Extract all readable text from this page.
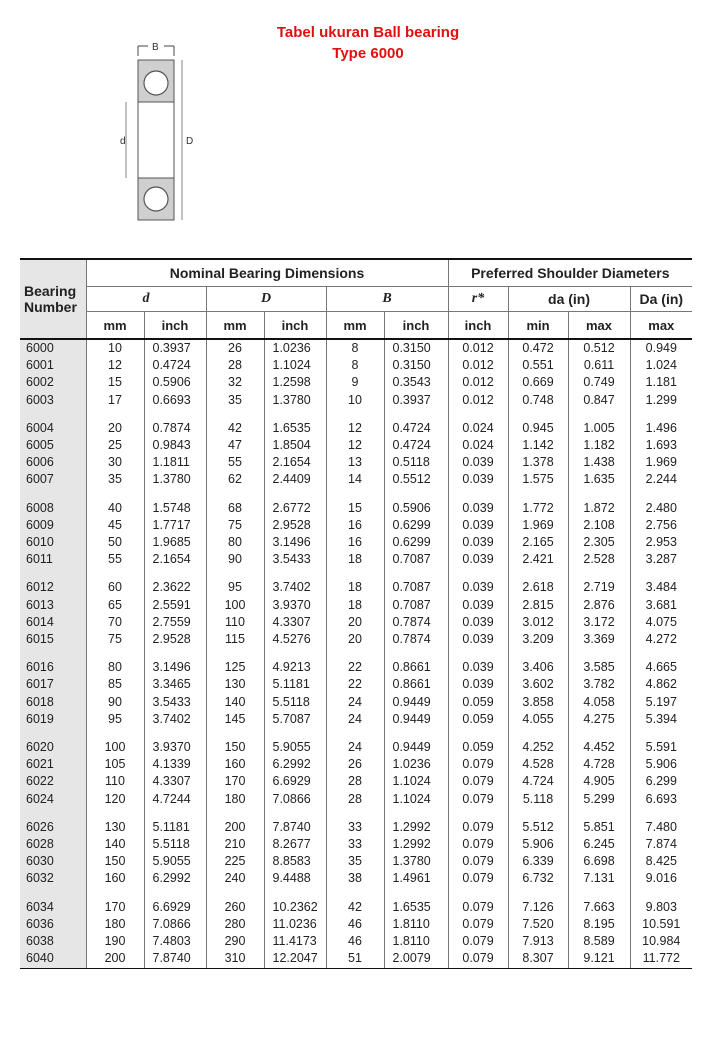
Tabel ukuran Ball bearing
Type 6000
B
d	D
Bearing Number	Nominal Bearing Dimensions						Preferred Shoulder Diameters			
	d		D		B		r*	da (in)		Da (in)
	mm	inch	mm	inch	mm	inch	inch	min	max	max
6000	10	0.3937	26	1.0236	8	0.3150	0.012	0.472	0.512	0.949
6001	12	0.4724	28	1.1024	8	0.3150	0.012	0.551	0.611	1.024
6002	15	0.5906	32	1.2598	9	0.3543	0.012	0.669	0.749	1.181
6003	17	0.6693	35	1.3780	10	0.3937	0.012	0.748	0.847	1.299

6004	20	0.7874	42	1.6535	12	0.4724	0.024	0.945	1.005	1.496
6005	25	0.9843	47	1.8504	12	0.4724	0.024	1.142	1.182	1.693
6006	30	1.1811	55	2.1654	13	0.5118	0.039	1.378	1.438	1.969
6007	35	1.3780	62	2.4409	14	0.5512	0.039	1.575	1.635	2.244

6008	40	1.5748	68	2.6772	15	0.5906	0.039	1.772	1.872	2.480
6009	45	1.7717	75	2.9528	16	0.6299	0.039	1.969	2.108	2.756
6010	50	1.9685	80	3.1496	16	0.6299	0.039	2.165	2.305	2.953
6011	55	2.1654	90	3.5433	18	0.7087	0.039	2.421	2.528	3.287

6012	60	2.3622	95	3.7402	18	0.7087	0.039	2.618	2.719	3.484
6013	65	2.5591	100	3.9370	18	0.7087	0.039	2.815	2.876	3.681
6014	70	2.7559	110	4.3307	20	0.7874	0.039	3.012	3.172	4.075
6015	75	2.9528	115	4.5276	20	0.7874	0.039	3.209	3.369	4.272

6016	80	3.1496	125	4.9213	22	0.8661	0.039	3.406	3.585	4.665
6017	85	3.3465	130	5.1181	22	0.8661	0.039	3.602	3.782	4.862
6018	90	3.5433	140	5.5118	24	0.9449	0.059	3.858	4.058	5.197
6019	95	3.7402	145	5.7087	24	0.9449	0.059	4.055	4.275	5.394

6020	100	3.9370	150	5.9055	24	0.9449	0.059	4.252	4.452	5.591
6021	105	4.1339	160	6.2992	26	1.0236	0.079	4.528	4.728	5.906
6022	110	4.3307	170	6.6929	28	1.1024	0.079	4.724	4.905	6.299
6024	120	4.7244	180	7.0866	28	1.1024	0.079	5.118	5.299	6.693

6026	130	5.1181	200	7.8740	33	1.2992	0.079	5.512	5.851	7.480
6028	140	5.5118	210	8.2677	33	1.2992	0.079	5.906	6.245	7.874
6030	150	5.9055	225	8.8583	35	1.3780	0.079	6.339	6.698	8.425
6032	160	6.2992	240	9.4488	38	1.4961	0.079	6.732	7.131	9.016

6034	170	6.6929	260	10.2362	42	1.6535	0.079	7.126	7.663	9.803
6036	180	7.0866	280	11.0236	46	1.8110	0.079	7.520	8.195	10.591
6038	190	7.4803	290	11.4173	46	1.8110	0.079	7.913	8.589	10.984
6040	200	7.8740	310	12.2047	51	2.0079	0.079	8.307	9.121	11.772
